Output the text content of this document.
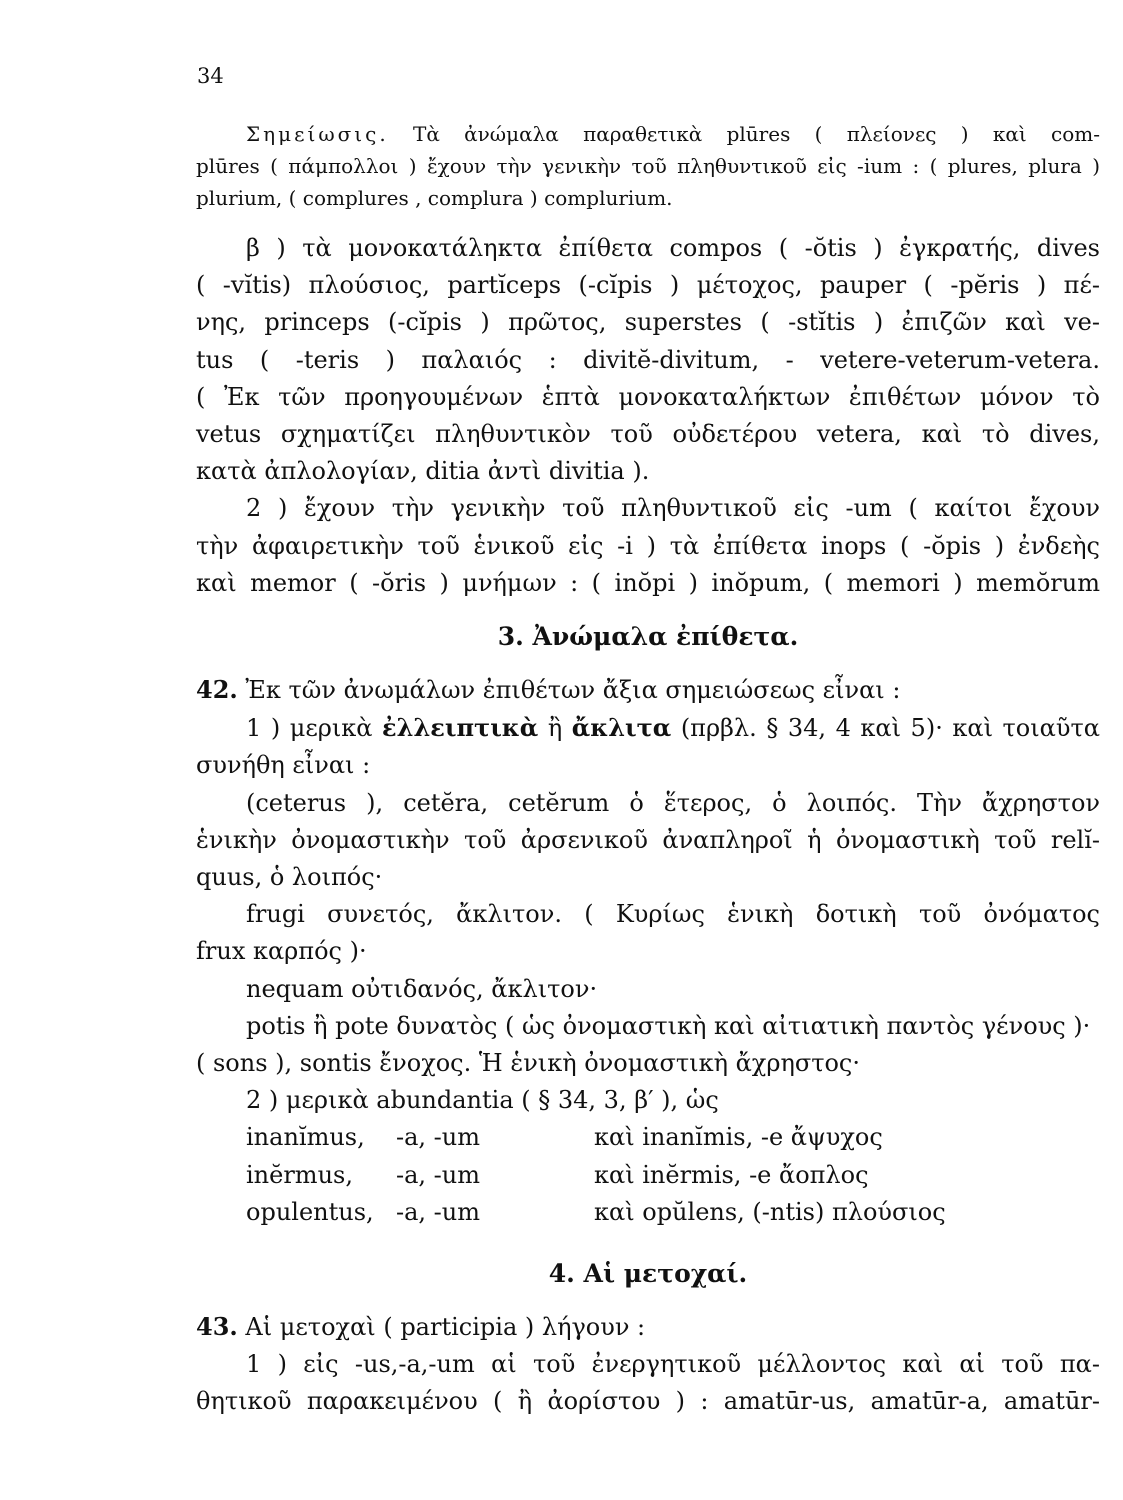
34
Σημείωσις. Τὰ ἀνώμαλα παραθετικὰ plūres ( πλείονες ) καὶ com-
plūres ( πάμπολλοι ) ἔχουν τὴν γενικὴν τοῦ πληθυντικοῦ εἰς -ium : ( plures, plura )
plurium, ( complures , complura ) complurium.
β ) τὰ μονοκατάληκτα ἐπίθετα compos ( -ŏtis ) ἐγκρατής, dives
( -vĭtis) πλούσιος, partĭceps (-cĭpis ) μέτοχος, pauper ( -pĕris ) πέ-
νης, princeps (-cĭpis ) πρῶτος, superstes ( -stĭtis ) ἐπιζῶν καὶ ve-
tus ( -teris ) παλαιός : divitĕ-divitum, - vetere-veterum-vetera.
( Ἐκ τῶν προηγουμένων ἑπτὰ μονοκαταλήκτων ἐπιθέτων μόνον τὸ
vetus σχηματίζει πληθυντικὸν τοῦ οὐδετέρου vetera, καὶ τὸ dives,
κατὰ ἀπλολογίαν, ditia ἀντὶ divitia ).
2 ) ἔχουν τὴν γενικὴν τοῦ πληθυντικοῦ εἰς -um ( καίτοι ἔχουν
τὴν ἀφαιρετικὴν τοῦ ἑνικοῦ εἰς -i ) τὰ ἐπίθετα inops ( -ŏpis ) ἐνδεὴς
καὶ memor ( -ŏris ) μνήμων : ( inŏpi ) inŏpum, ( memori ) memŏrum
3. Ἀνώμαλα ἐπίθετα.
42. Ἐκ τῶν ἀνωμάλων ἐπιθέτων ἄξια σημειώσεως εἶναι :
1 ) μερικὰ ἐλλειπτικὰ ἢ ἄκλιτα (πρβλ. § 34, 4 καὶ 5)· καὶ τοιαῦτα
συνήθη εἶναι :
(ceterus ), cetĕra, cetĕrum ὁ ἕτερος, ὁ λοιπός. Τὴν ἄχρηστον
ἑνικὴν ὀνομαστικὴν τοῦ ἀρσενικοῦ ἀναπληροῖ ἡ ὀνομαστικὴ τοῦ relĭ-
quus, ὁ λοιπός·
frugi συνετός, ἄκλιτον. ( Κυρίως ἑνικὴ δοτικὴ τοῦ ὀνόματος
frux καρπός )·
nequam οὐτιδανός, ἄκλιτον·
potis ἢ pote δυνατὸς ( ὡς ὀνομαστικὴ καὶ αἰτιατικὴ παντὸς γένους )·
( sons ), sontis ἔνοχος. Ἡ ἑνικὴ ὀνομαστικὴ ἄχρηστος·
2 ) μερικὰ abundantia ( § 34, 3, β′ ), ὡς
inanĭmus,	-a, -um	καὶ inanĭmis, -e ἄψυχος
inĕrmus,	-a, -um	καὶ inĕrmis, -e ἄοπλος
opulentus,	-a, -um	καὶ opŭlens, (-ntis) πλούσιος
4. Αἱ μετοχαί.
43. Αἱ μετοχαὶ ( participia ) λήγουν :
1 ) εἰς -us,-a,-um αἱ τοῦ ἐνεργητικοῦ μέλλοντος καὶ αἱ τοῦ πα-
θητικοῦ παρακειμένου ( ἢ ἀορίστου ) : amatūr-us, amatūr-a, amatūr-
